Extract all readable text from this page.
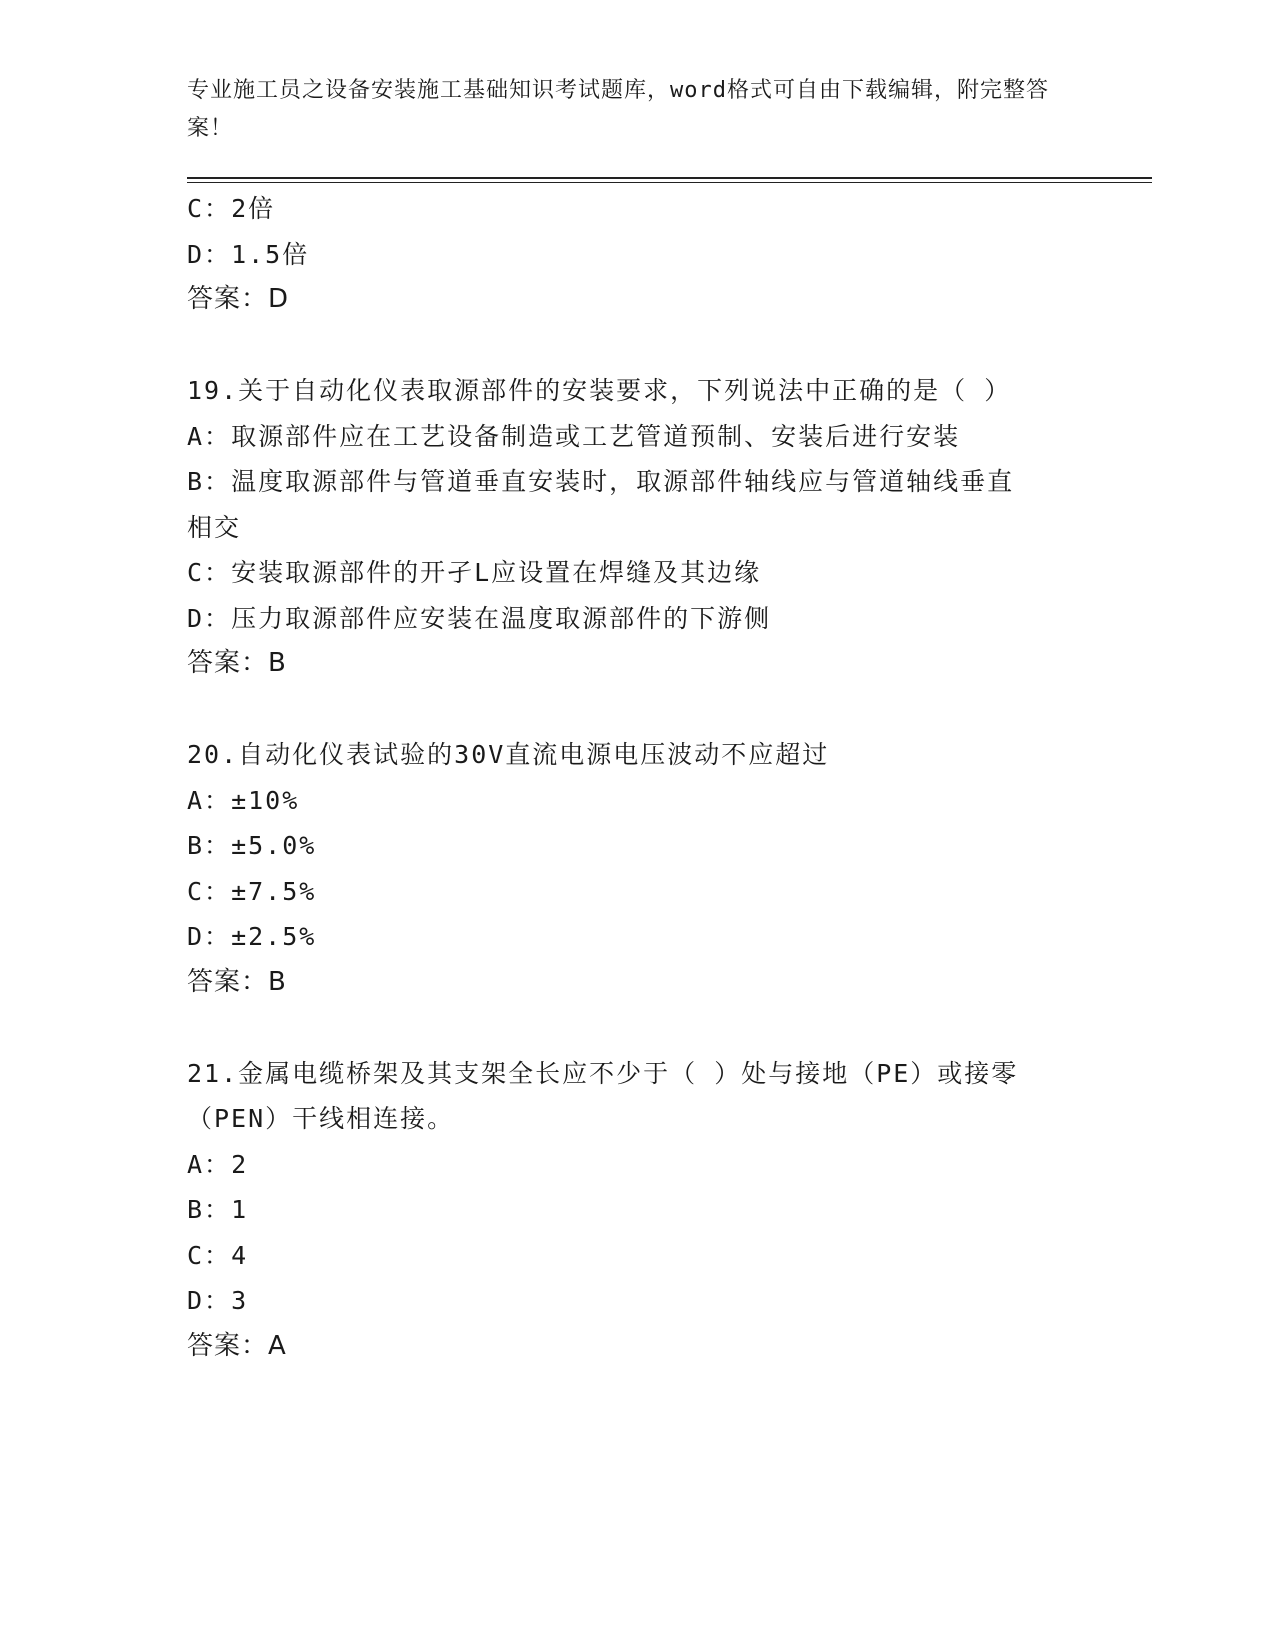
专业施工员之设备安装施工基础知识考试题库，word格式可自由下载编辑，附完整答案！
C：2倍
D：1.5倍
答案：D
19.关于自动化仪表取源部件的安装要求，下列说法中正确的是（ ）
A：取源部件应在工艺设备制造或工艺管道预制、安装后进行安装
B：温度取源部件与管道垂直安装时，取源部件轴线应与管道轴线垂直
相交
C：安装取源部件的开孑L应设置在焊缝及其边缘
D：压力取源部件应安装在温度取源部件的下游侧
答案：B
20.自动化仪表试验的30V直流电源电压波动不应超过
A：±10%
B：±5.0%
C：±7.5%
D：±2.5%
答案：B
21.金属电缆桥架及其支架全长应不少于（ ）处与接地（PE）或接零
（PEN）干线相连接。
A：2
B：1
C：4
D：3
答案：A
